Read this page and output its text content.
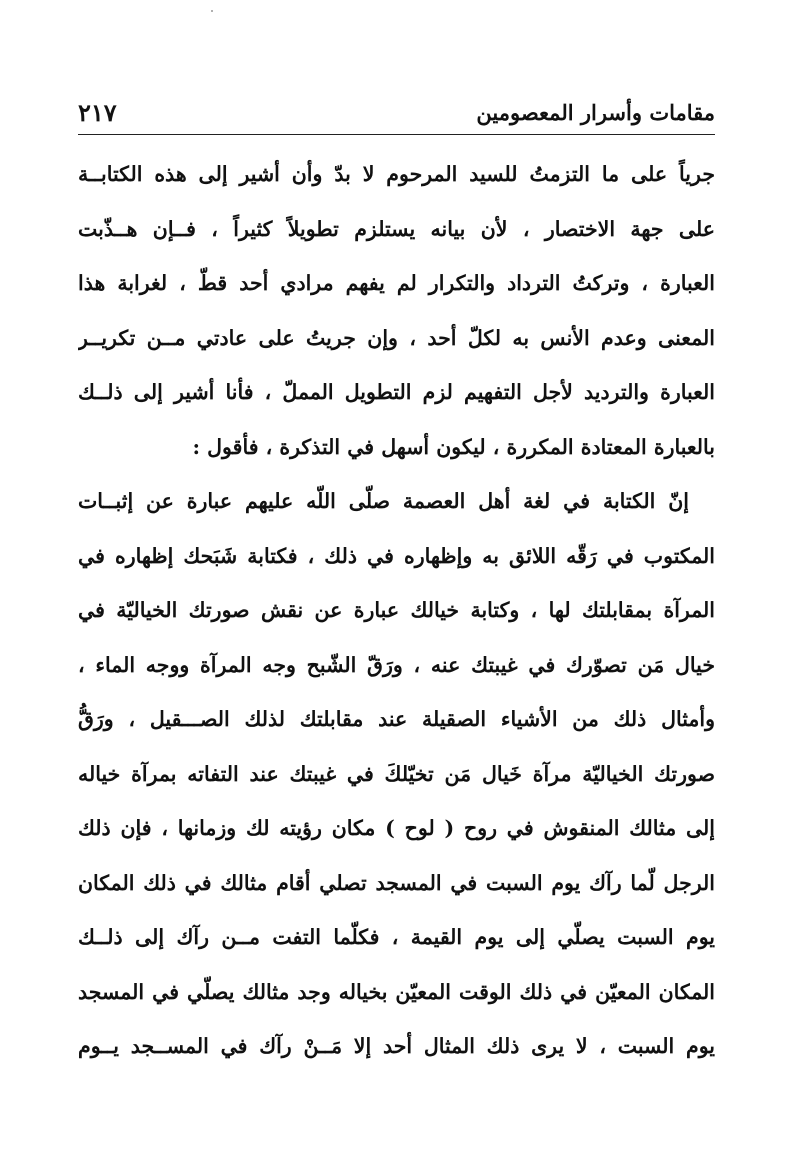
مقامات وأسرار المعصومين
٢١٧
جرياً على ما التزمتُ للسيد المرحوم لا بدّ وأن أشير إلى هذه الكتابــة
على جهة الاختصار ، لأن بيانه يستلزم تطويلاً كثيراً ، فــإن هــذّبت
العبارة ، وتركتُ الترداد والتكرار لم يفهم مرادي أحد قطّ ، لغرابة هذا
المعنى وعدم الأنس به لكلّ أحد ، وإن جريتُ على عادتي مــن تكريــر
العبارة والترديد لأجل التفهيم لزم التطويل المملّ ، فأنا أشير إلى ذلــك
بالعبارة المعتادة المكررة ، ليكون أسهل في التذكرة ، فأقول :
إنّ الكتابة في لغة أهل العصمة صلّى اللّه عليهم عبارة عن إثبــات
المكتوب في رَقّه اللائق به وإظهاره في ذلك ، فكتابة شَبَحك إظهاره في
المرآة بمقابلتك لها ، وكتابة خيالك عبارة عن نقش صورتك الخياليّة في
خيال مَن تصوّرك في غيبتك عنه ، ورَقّ الشّبح وجه المرآة ووجه الماء ،
وأمثال ذلك من الأشياء الصقيلة عند مقابلتك لذلك الصـــقيل ، ورَقُّ
صورتك الخياليّة مرآة خَيال مَن تخيّلكَ في غيبتك عند التفاته بمرآة خياله
إلى مثالك المنقوش في روح ( لوح ) مكان رؤيته لك وزمانها ، فإن ذلك
الرجل لّما رآك يوم السبت في المسجد تصلي أقام مثالك في ذلك المكان
يوم السبت يصلّي إلى يوم القيمة ، فكلّما التفت مــن رآك إلى ذلــك
المكان المعيّن في ذلك الوقت المعيّن بخياله وجد مثالك يصلّي في المسجد
يوم السبت ، لا يرى ذلك المثال أحد إلا مَــنْ رآك في المســجد يــوم
